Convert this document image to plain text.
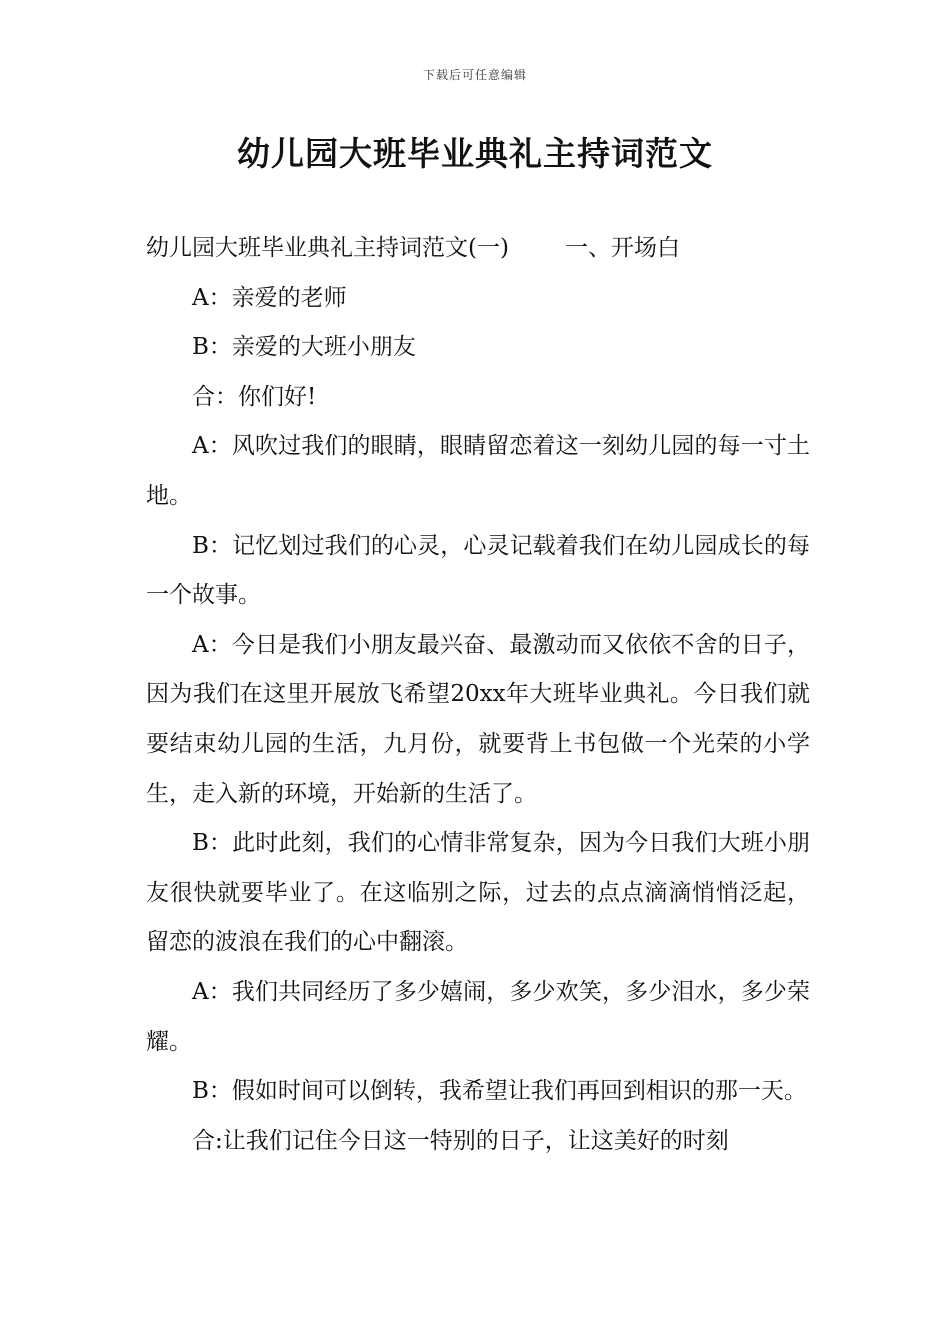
下载后可任意编辑
幼儿园大班毕业典礼主持词范文

幼儿园大班毕业典礼主持词范文(一) 一、开场白

A：亲爱的老师

B：亲爱的大班小朋友

合：你们好!

A：风吹过我们的眼睛，眼睛留恋着这一刻幼儿园的每一寸土地。

B：记忆划过我们的心灵，心灵记载着我们在幼儿园成长的每一个故事。

A：今日是我们小朋友最兴奋、最激动而又依依不舍的日子，因为我们在这里开展放飞希望20xx年大班毕业典礼。今日我们就要结束幼儿园的生活，九月份，就要背上书包做一个光荣的小学生，走入新的环境，开始新的生活了。

B：此时此刻，我们的心情非常复杂，因为今日我们大班小朋友很快就要毕业了。在这临别之际，过去的点点滴滴悄悄泛起，留恋的波浪在我们的心中翻滚。

A：我们共同经历了多少嬉闹，多少欢笑，多少泪水，多少荣耀。

B：假如时间可以倒转，我希望让我们再回到相识的那一天。

合:让我们记住今日这一特别的日子，让这美好的时刻
